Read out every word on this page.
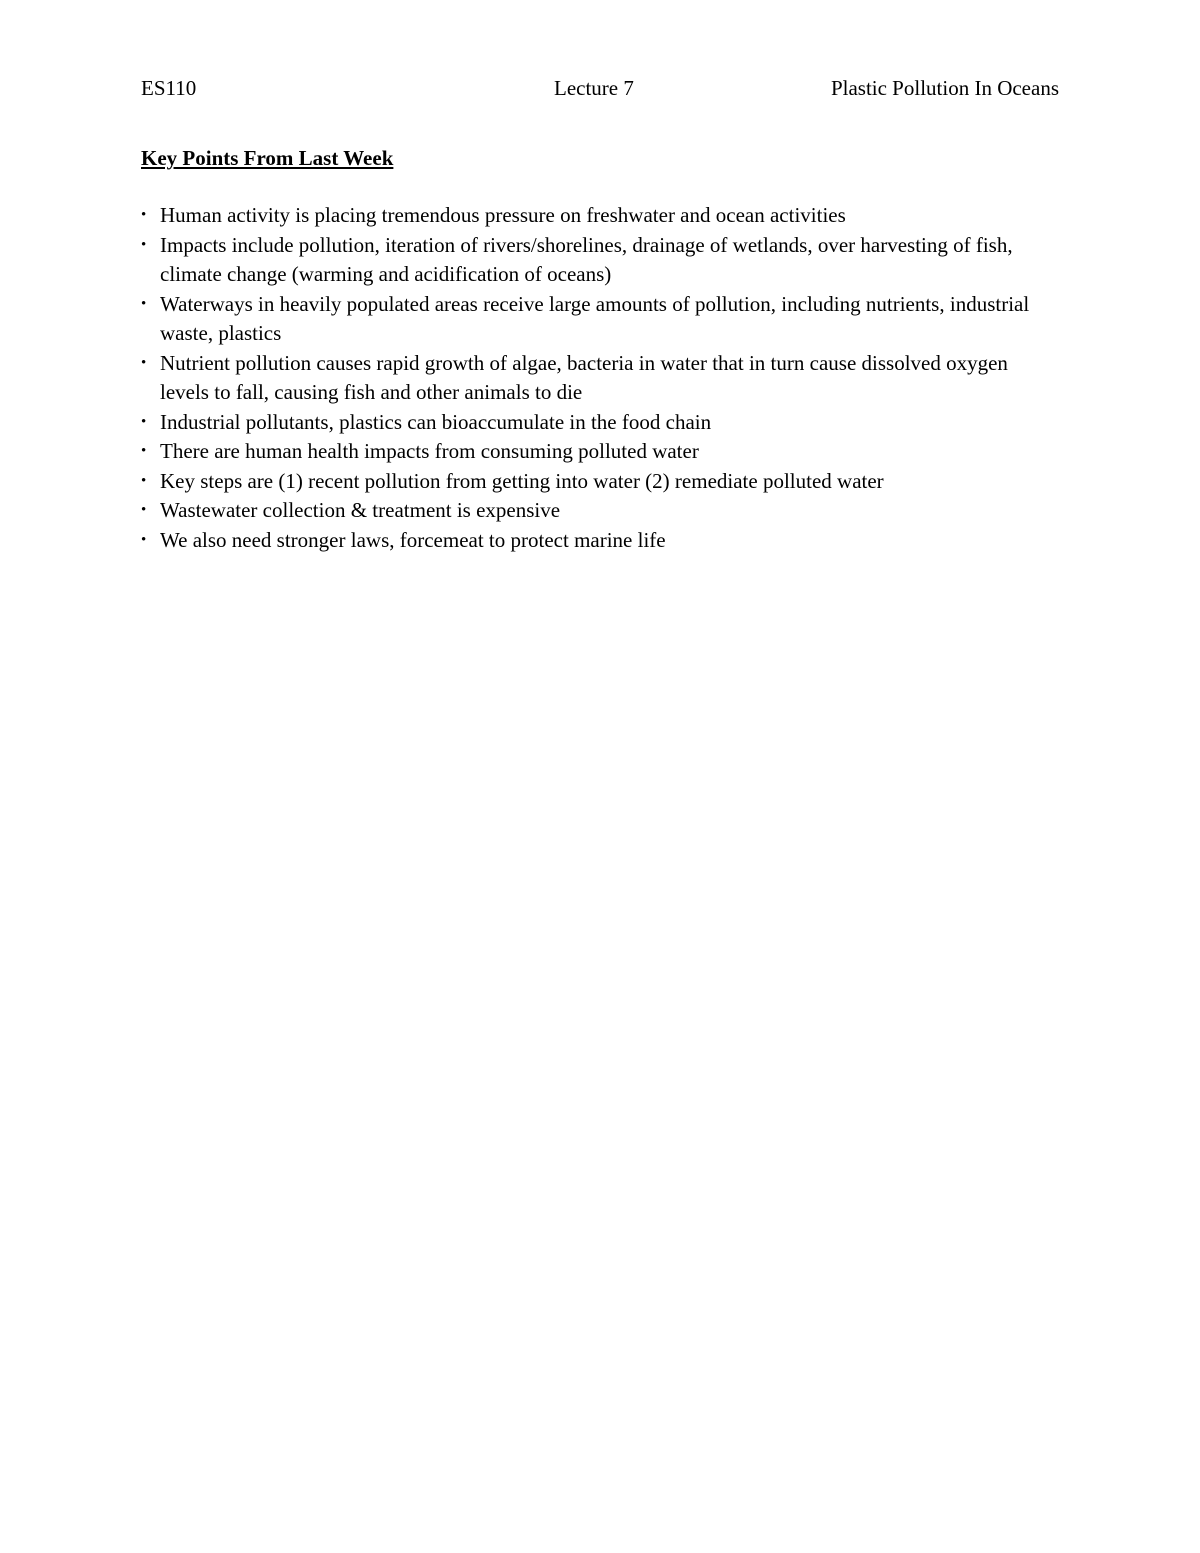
ES110	Lecture 7	Plastic Pollution In Oceans
Key Points From Last Week
• Human activity is placing tremendous pressure on freshwater and ocean activities
• Impacts include pollution, iteration of rivers/shorelines, drainage of wetlands, over harvesting of fish, climate change (warming and acidification of oceans)
• Waterways in heavily populated areas receive large amounts of pollution, including nutrients, industrial waste, plastics
• Nutrient pollution causes rapid growth of algae, bacteria in water that in turn cause dissolved oxygen levels to fall, causing fish and other animals to die
• Industrial pollutants, plastics can bioaccumulate in the food chain
• There are human health impacts from consuming polluted water
• Key steps are (1) recent pollution from getting into water (2) remediate polluted water
• Wastewater collection & treatment is expensive
• We also need stronger laws, forcemeat to protect marine life
